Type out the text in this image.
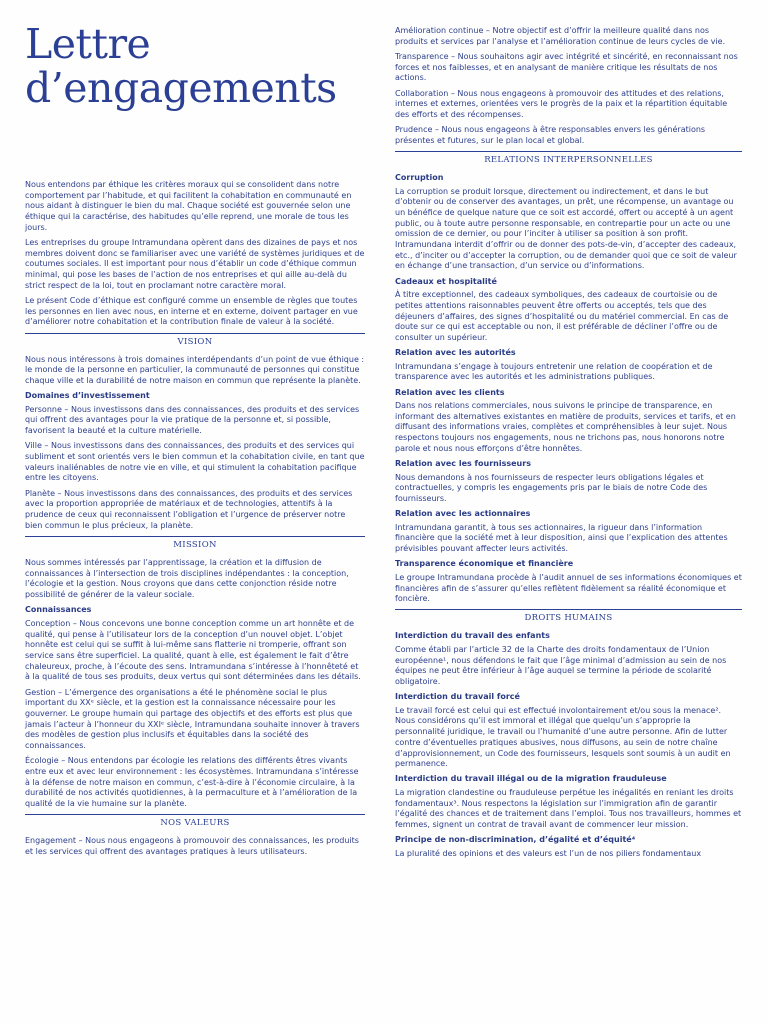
Lettre
d’engagements

Nous entendons par éthique les critères moraux qui se consolident dans notre comportement par l’habitude, et qui facilitent la cohabitation en communauté en nous aidant à distinguer le bien du mal. Chaque société est gouvernée selon une éthique qui la caractérise, des habitudes qu’elle reprend, une morale de tous les jours.

Les entreprises du groupe Intramundana opèrent dans des dizaines de pays et nos membres doivent donc se familiariser avec une variété de systèmes juridiques et de coutumes sociales. Il est important pour nous d’établir un code d’éthique commun minimal, qui pose les bases de l’action de nos entreprises et qui aille au-delà du strict respect de la loi, tout en proclamant notre caractère moral.

Le présent Code d’éthique est configuré comme un ensemble de règles que toutes les personnes en lien avec nous, en interne et en externe, doivent partager en vue d’améliorer notre cohabitation et la contribution finale de valeur à la société.

VISION

Nous nous intéressons à trois domaines interdépendants d’un point de vue éthique : le monde de la personne en particulier, la communauté de personnes qui constitue chaque ville et la durabilité de notre maison en commun que représente la planète.

Domaines d’investissement

Personne – Nous investissons dans des connaissances, des produits et des services qui offrent des avantages pour la vie pratique de la personne et, si possible, favorisent la beauté et la culture matérielle.

Ville – Nous investissons dans des connaissances, des produits et des services qui subliment et sont orientés vers le bien commun et la cohabitation civile, en tant que valeurs inaliénables de notre vie en ville, et qui stimulent la cohabitation pacifique entre les citoyens.

Planète – Nous investissons dans des connaissances, des produits et des services avec la proportion appropriée de matériaux et de technologies, attentifs à la prudence de ceux qui reconnaissent l’obligation et l’urgence de préserver notre bien commun le plus précieux, la planète.

MISSION

Nous sommes intéressés par l’apprentissage, la création et la diffusion de connaissances à l’intersection de trois disciplines indépendantes : la conception, l’écologie et la gestion. Nous croyons que dans cette conjonction réside notre possibilité de générer de la valeur sociale.

Connaissances

Conception – Nous concevons une bonne conception comme un art honnête et de qualité, qui pense à l’utilisateur lors de la conception d’un nouvel objet. L’objet honnête est celui qui se suffit à lui-même sans flatterie ni tromperie, offrant son service sans être superficiel. La qualité, quant à elle, est également le fait d’être chaleureux, proche, à l’écoute des sens. Intramundana s’intéresse à l’honnêteté et à la qualité de tous ses produits, deux vertus qui sont déterminées dans les détails.

Gestion – L’émergence des organisations a été le phénomène social le plus important du XXᵉ siècle, et la gestion est la connaissance nécessaire pour les gouverner. Le groupe humain qui partage des objectifs et des efforts est plus que jamais l’acteur à l’honneur du XXIᵉ siècle, Intramundana souhaite innover à travers des modèles de gestion plus inclusifs et équitables dans la société des connaissances.

Écologie – Nous entendons par écologie les relations des différents êtres vivants entre eux et avec leur environnement : les écosystèmes. Intramundana s’intéresse à la défense de notre maison en commun, c’est-à-dire à l’économie circulaire, à la durabilité de nos activités quotidiennes, à la permaculture et à l’amélioration de la qualité de la vie humaine sur la planète.

NOS VALEURS

Engagement – Nous nous engageons à promouvoir des connaissances, les produits et les services qui offrent des avantages pratiques à leurs utilisateurs.

Amélioration continue – Notre objectif est d’offrir la meilleure qualité dans nos produits et services par l’analyse et l’amélioration continue de leurs cycles de vie.

Transparence – Nous souhaitons agir avec intégrité et sincérité, en reconnaissant nos forces et nos faiblesses, et en analysant de manière critique les résultats de nos actions.

Collaboration – Nous nous engageons à promouvoir des attitudes et des relations, internes et externes, orientées vers le progrès de la paix et la répartition équitable des efforts et des récompenses.

Prudence – Nous nous engageons à être responsables envers les générations présentes et futures, sur le plan local et global.

RELATIONS INTERPERSONNELLES
Corruption

La corruption se produit lorsque, directement ou indirectement, et dans le but d’obtenir ou de conserver des avantages, un prêt, une récompense, un avantage ou un bénéfice de quelque nature que ce soit est accordé, offert ou accepté à un agent public, ou à toute autre personne responsable, en contrepartie pour un acte ou une omission de ce dernier, ou pour l’inciter à utiliser sa position à son profit. Intramundana interdit d’offrir ou de donner des pots-de-vin, d’accepter des cadeaux, etc., d’inciter ou d’accepter la corruption, ou de demander quoi que ce soit de valeur en échange d’une transaction, d’un service ou d’informations.

Cadeaux et hospitalité

À titre exceptionnel, des cadeaux symboliques, des cadeaux de courtoisie ou de petites attentions raisonnables peuvent être offerts ou acceptés, tels que des déjeuners d’affaires, des signes d’hospitalité ou du matériel commercial. En cas de doute sur ce qui est acceptable ou non, il est préférable de décliner l’offre ou de consulter un supérieur.

Relation avec les autorités

Intramundana s’engage à toujours entretenir une relation de coopération et de transparence avec les autorités et les administrations publiques.

Relation avec les clients

Dans nos relations commerciales, nous suivons le principe de transparence, en informant des alternatives existantes en matière de produits, services et tarifs, et en diffusant des informations vraies, complètes et compréhensibles à leur sujet. Nous respectons toujours nos engagements, nous ne trichons pas, nous honorons notre parole et nous nous efforçons d’être honnêtes.

Relation avec les fournisseurs

Nous demandons à nos fournisseurs de respecter leurs obligations légales et contractuelles, y compris les engagements pris par le biais de notre Code des fournisseurs.

Relation avec les actionnaires

Intramundana garantit, à tous ses actionnaires, la rigueur dans l’information financière que la société met à leur disposition, ainsi que l’explication des attentes prévisibles pouvant affecter leurs activités.

Transparence économique et financière

Le groupe Intramundana procède à l’audit annuel de ses informations économiques et financières afin de s’assurer qu’elles reflètent fidèlement sa réalité économique et foncière.

DROITS HUMAINS
Interdiction du travail des enfants

Comme établi par l’article 32 de la Charte des droits fondamentaux de l’Union européenne¹, nous défendons le fait que l’âge minimal d’admission au sein de nos équipes ne peut être inférieur à l’âge auquel se termine la période de scolarité obligatoire.

Interdiction du travail forcé

Le travail forcé est celui qui est effectué involontairement et/ou sous la menace². Nous considérons qu’il est immoral et illégal que quelqu’un s’approprie la personnalité juridique, le travail ou l’humanité d’une autre personne. Afin de lutter contre d’éventuelles pratiques abusives, nous diffusons, au sein de notre chaîne d’approvisionnement, un Code des fournisseurs, lesquels sont soumis à un audit en permanence.

Interdiction du travail illégal ou de la migration frauduleuse

La migration clandestine ou frauduleuse perpétue les inégalités en reniant les droits fondamentaux³. Nous respectons la législation sur l’immigration afin de garantir l’égalité des chances et de traitement dans l’emploi. Tous nos travailleurs, hommes et femmes, signent un contrat de travail avant de commencer leur mission.

Principe de non-discrimination, d’égalité et d’équité⁴

La pluralité des opinions et des valeurs est l’un de nos piliers fondamentaux
